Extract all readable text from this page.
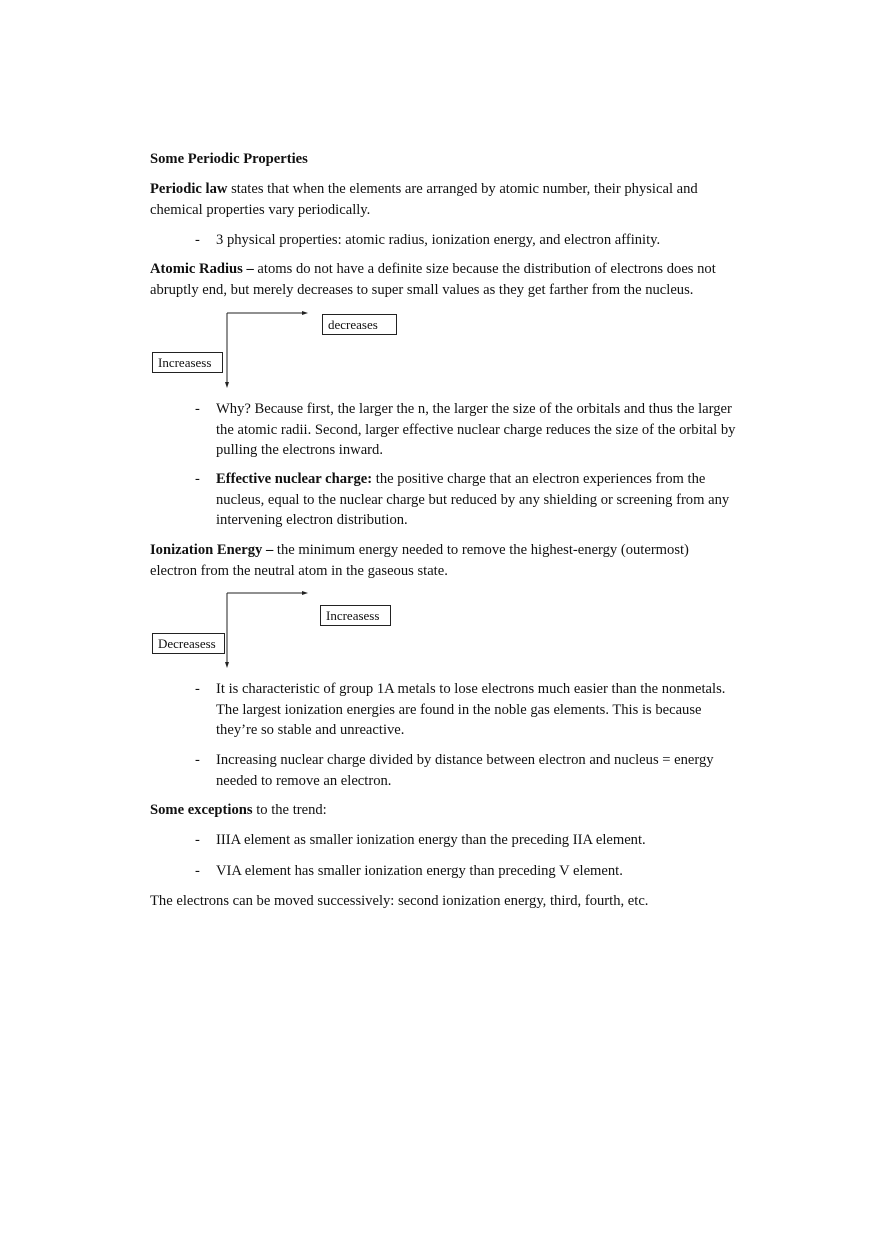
Some Periodic Properties

Periodic law states that when the elements are arranged by atomic number, their physical and chemical properties vary periodically.

- 3 physical properties: atomic radius, ionization energy, and electron affinity.

Atomic Radius – atoms do not have a definite size because the distribution of electrons does not abruptly end, but merely decreases to super small values as they get farther from the nucleus.

decreases
Increasess

- Why? Because first, the larger the n, the larger the size of the orbitals and thus the larger the atomic radii. Second, larger effective nuclear charge reduces the size of the orbital by pulling the electrons inward.

- Effective nuclear charge: the positive charge that an electron experiences from the nucleus, equal to the nuclear charge but reduced by any shielding or screening from any intervening electron distribution.

Ionization Energy – the minimum energy needed to remove the highest-energy (outermost) electron from the neutral atom in the gaseous state.

Increasess
Decreasess

- It is characteristic of group 1A metals to lose electrons much easier than the nonmetals. The largest ionization energies are found in the noble gas elements. This is because they’re so stable and unreactive.

- Increasing nuclear charge divided by distance between electron and nucleus = energy needed to remove an electron.

Some exceptions to the trend:

- IIIA element as smaller ionization energy than the preceding IIA element.

- VIA element has smaller ionization energy than preceding V element.

The electrons can be moved successively: second ionization energy, third, fourth, etc.
